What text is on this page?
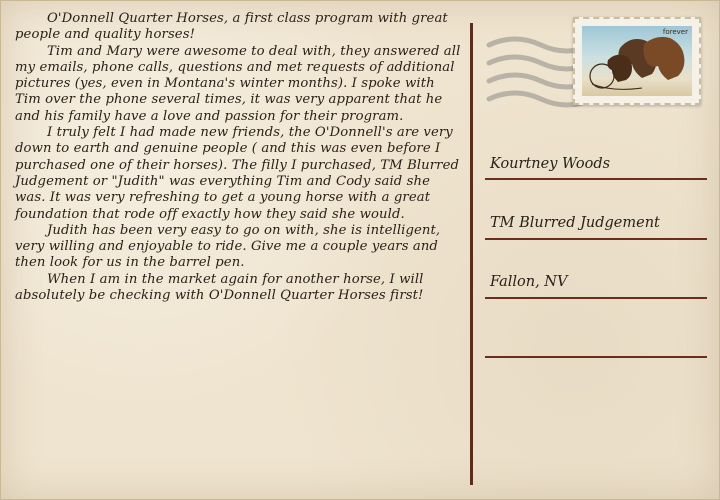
O'Donnell Quarter Horses, a first class program with great people and quality horses!

Tim and Mary were awesome to deal with, they answered all my emails, phone calls, questions and met requests of additional pictures (yes, even in Montana's winter months). I spoke with Tim over the phone several times, it was very apparent that he and his family have a love and passion for their program.

I truly felt I had made new friends, the O'Donnell's are very down to earth and genuine people ( and this was even before I purchased one of their horses). The filly I purchased, TM Blurred Judgement or "Judith" was everything Tim and Cody said she was. It was very refreshing to get a young horse with a great foundation that rode off exactly how they said she would.

Judith has been very easy to go on with, she is intelligent, very willing and enjoyable to ride. Give me a couple years and then look for us in the barrel pen.

When I am in the market again for another horse, I will absolutely be checking with O'Donnell Quarter Horses first!

forever
Kourtney Woods
TM Blurred Judgement
Fallon, NV
